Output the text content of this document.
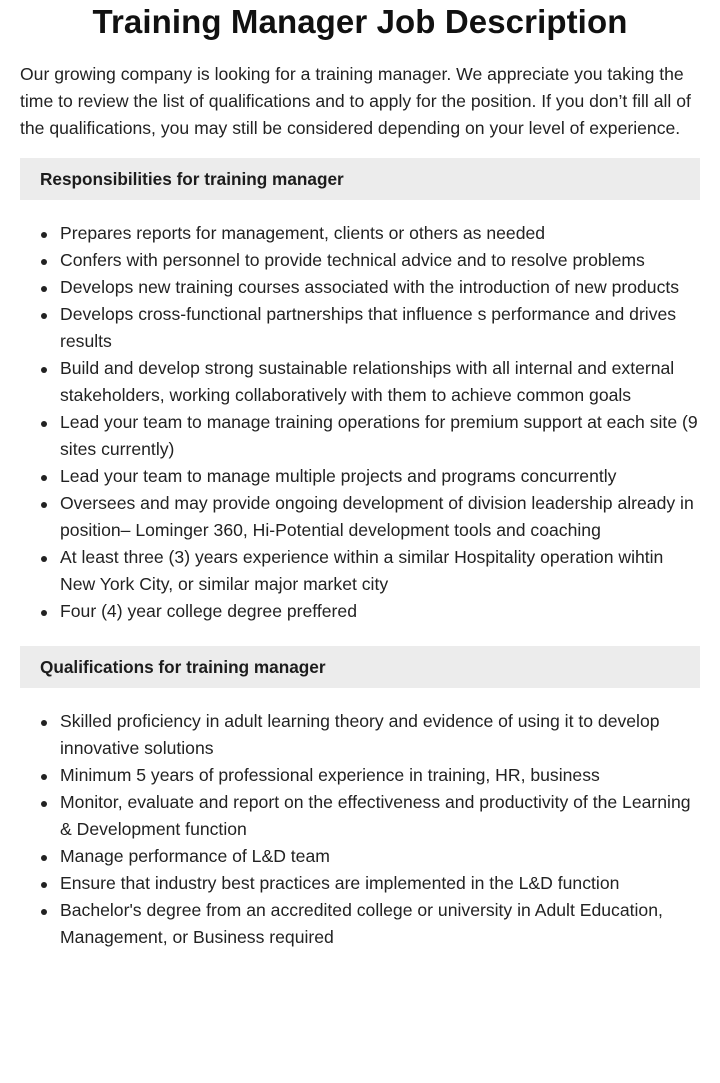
Training Manager Job Description

Our growing company is looking for a training manager. We appreciate you taking the time to review the list of qualifications and to apply for the position. If you don’t fill all of the qualifications, you may still be considered depending on your level of experience.

Responsibilities for training manager
Prepares reports for management, clients or others as needed
Confers with personnel to provide technical advice and to resolve problems
Develops new training courses associated with the introduction of new products
Develops cross-functional partnerships that influence s performance and drives results
Build and develop strong sustainable relationships with all internal and external stakeholders, working collaboratively with them to achieve common goals
Lead your team to manage training operations for premium support at each site (9 sites currently)
Lead your team to manage multiple projects and programs concurrently
Oversees and may provide ongoing development of division leadership already in position– Lominger 360, Hi-Potential development tools and coaching
At least three (3) years experience within a similar Hospitality operation wihtin New York City, or similar major market city
Four (4) year college degree preffered
Qualifications for training manager
Skilled proficiency in adult learning theory and evidence of using it to develop innovative solutions
Minimum 5 years of professional experience in training, HR, business
Monitor, evaluate and report on the effectiveness and productivity of the Learning & Development function
Manage performance of L&D team
Ensure that industry best practices are implemented in the L&D function
Bachelor's degree from an accredited college or university in Adult Education, Management, or Business required
